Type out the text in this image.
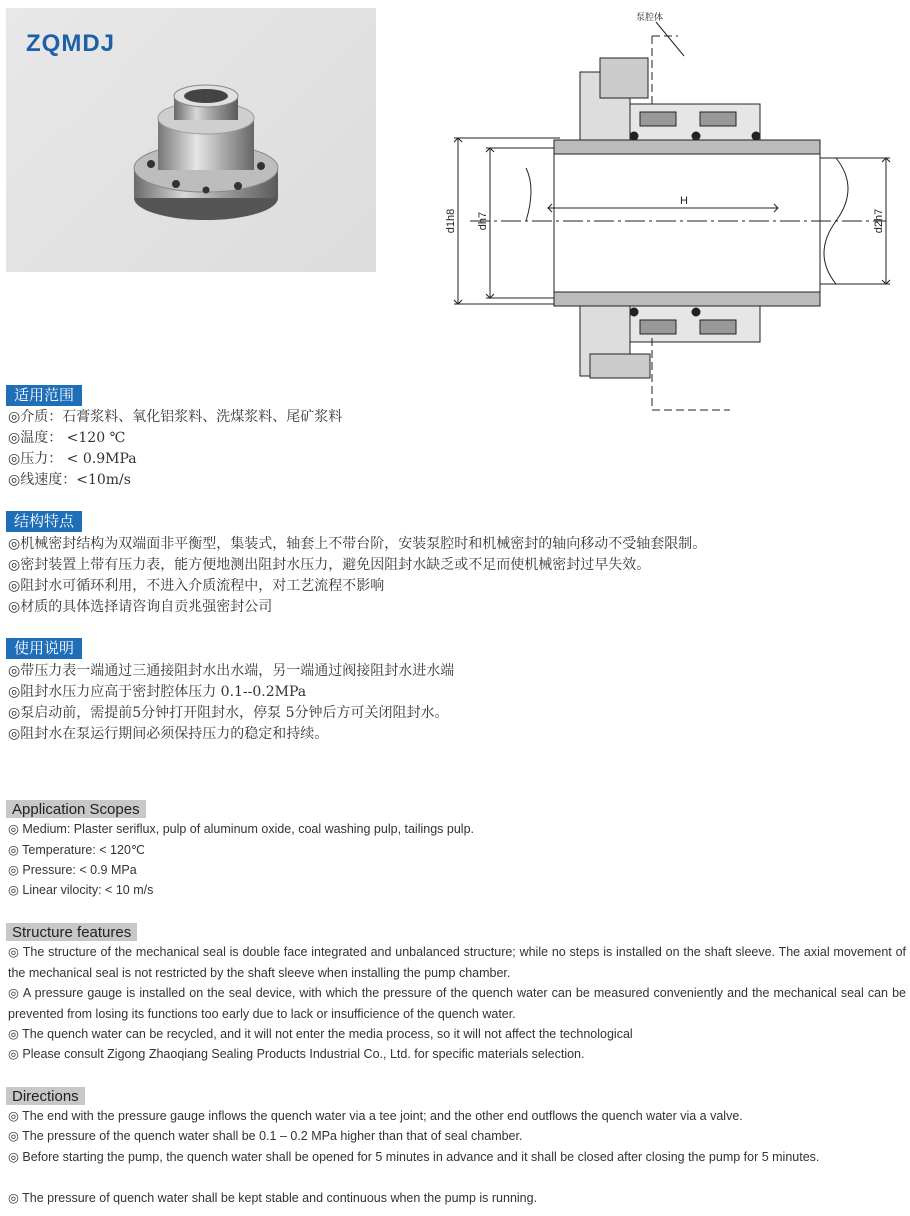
ZQMDJ
泵腔体
d1h8 dh7
H
d2h7
适用范围
◎介质：石膏浆料、氧化铝浆料、洗煤浆料、尾矿浆料
◎温度： <120 ℃
◎压力： < 0.9MPa
◎线速度：<10m/s
结构特点
◎机械密封结构为双端面非平衡型，集装式，轴套上不带台阶，安装泵腔时和机械密封的轴向移动不受轴套限制。
◎密封装置上带有压力表，能方便地测出阻封水压力，避免因阻封水缺乏或不足而使机械密封过早失效。
◎阻封水可循环利用，不进入介质流程中，对工艺流程不影响
◎材质的具体选择请咨询自贡兆强密封公司
使用说明
◎带压力表一端通过三通接阻封水出水端，另一端通过阀接阻封水进水端
◎阻封水压力应高于密封腔体压力 0.1--0.2MPa
◎泵启动前，需提前5分钟打开阻封水，停泵 5分钟后方可关闭阻封水。
◎阻封水在泵运行期间必须保持压力的稳定和持续。
Application Scopes
◎ Medium: Plaster seriflux, pulp of aluminum oxide, coal washing pulp, tailings pulp.
◎ Temperature: < 120℃
◎ Pressure: < 0.9 MPa
◎ Linear vilocity: < 10 m/s
Structure features
◎ The structure of the mechanical seal is double face integrated and unbalanced structure; while no steps is installed on the shaft sleeve. The axial movement of the mechanical seal is not restricted by the shaft sleeve when installing the pump chamber.
◎ A pressure gauge is installed on the seal device, with which the pressure of the quench water can be measured conveniently and the mechanical seal can be prevented from losing its functions too early due to lack or insufficience of the quench water.
◎ The quench water can be recycled, and it will not enter the media process, so it will not affect the technological
◎ Please consult Zigong Zhaoqiang Sealing Products Industrial Co., Ltd. for specific materials selection.
Directions
◎ The end with the pressure gauge inflows the quench water via a tee joint; and the other end outflows the quench water via a valve.
◎ The pressure of the quench water shall be 0.1 – 0.2 MPa higher than that of seal chamber.
◎ Before starting the pump, the quench water shall be opened for 5 minutes in advance and it shall be closed after closing the pump for 5 minutes.
◎ The pressure of quench water shall be kept stable and continuous when the pump is running.
